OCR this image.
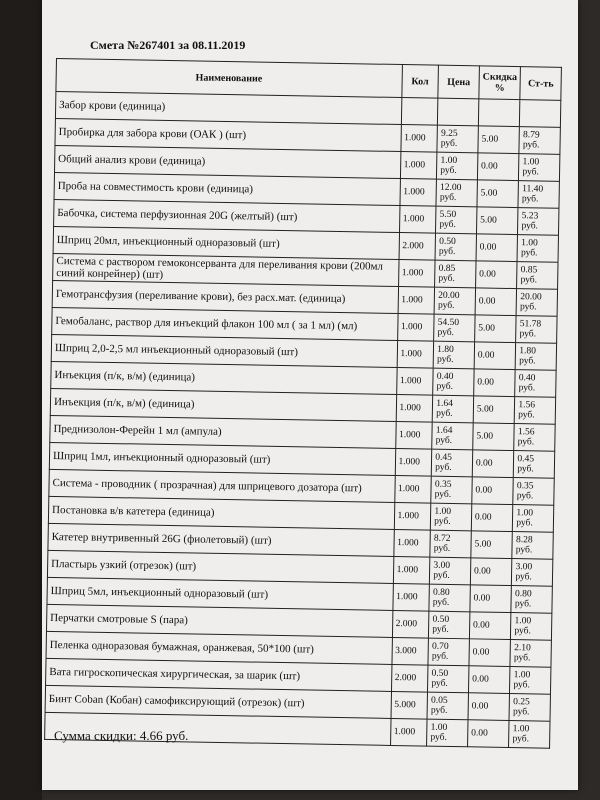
Смета №267401 за 08.11.2019
Наименование	Кол	Цена	Скидка %	Ст-ть
Забор крови (единица)				
Пробирка для забора крови (ОАК ) (шт)	1.000	9.25 руб.	5.00	8.79 руб.
Общий анализ крови (единица)	1.000	1.00 руб.	0.00	1.00 руб.
Проба на совместимость крови (единица)	1.000	12.00 руб.	5.00	11.40 руб.
Бабочка, система перфузионная 20G (желтый) (шт)	1.000	5.50 руб.	5.00	5.23 руб.
Шприц 20мл, инъекционный одноразовый (шт)	2.000	0.50 руб.	0.00	1.00 руб.
Система с раствором гемоконсерванта для переливания крови (200мл синий конрейнер) (шт)	1.000	0.85 руб.	0.00	0.85 руб.
Гемотрансфузия (переливание крови), без расх.мат. (единица)	1.000	20.00 руб.	0.00	20.00 руб.
Гемобаланс, раствор для инъекций флакон 100 мл ( за 1 мл) (мл)	1.000	54.50 руб.	5.00	51.78 руб.
Шприц 2,0-2,5 мл инъекционный одноразовый (шт)	1.000	1.80 руб.	0.00	1.80 руб.
Инъекция (п/к, в/м) (единица)	1.000	0.40 руб.	0.00	0.40 руб.
Инъекция (п/к, в/м) (единица)	1.000	1.64 руб.	5.00	1.56 руб.
Преднизолон-Ферейн 1 мл (ампула)	1.000	1.64 руб.	5.00	1.56 руб.
Шприц 1мл, инъекционный одноразовый (шт)	1.000	0.45 руб.	0.00	0.45 руб.
Система - проводник ( прозрачная) для шприцевого дозатора (шт)	1.000	0.35 руб.	0.00	0.35 руб.
Постановка в/в катетера (единица)	1.000	1.00 руб.	0.00	1.00 руб.
Катетер внутривенный 26G (фиолетовый) (шт)	1.000	8.72 руб.	5.00	8.28 руб.
Пластырь узкий (отрезок) (шт)	1.000	3.00 руб.	0.00	3.00 руб.
Шприц 5мл, инъекционный одноразовый (шт)	1.000	0.80 руб.	0.00	0.80 руб.
Перчатки смотровые S (пара)	2.000	0.50 руб.	0.00	1.00 руб.
Пеленка одноразовая бумажная, оранжевая, 50*100 (шт)	3.000	0.70 руб.	0.00	2.10 руб.
Вата гигроскопическая хирургическая, за шарик (шт)	2.000	0.50 руб.	0.00	1.00 руб.
Бинт Coban (Кобан) самофиксирующий (отрезок) (шт)	5.000	0.05 руб.	0.00	0.25 руб.
	1.000	1.00 руб.	0.00	1.00 руб.
Сумма скидки: 4.66 руб.
